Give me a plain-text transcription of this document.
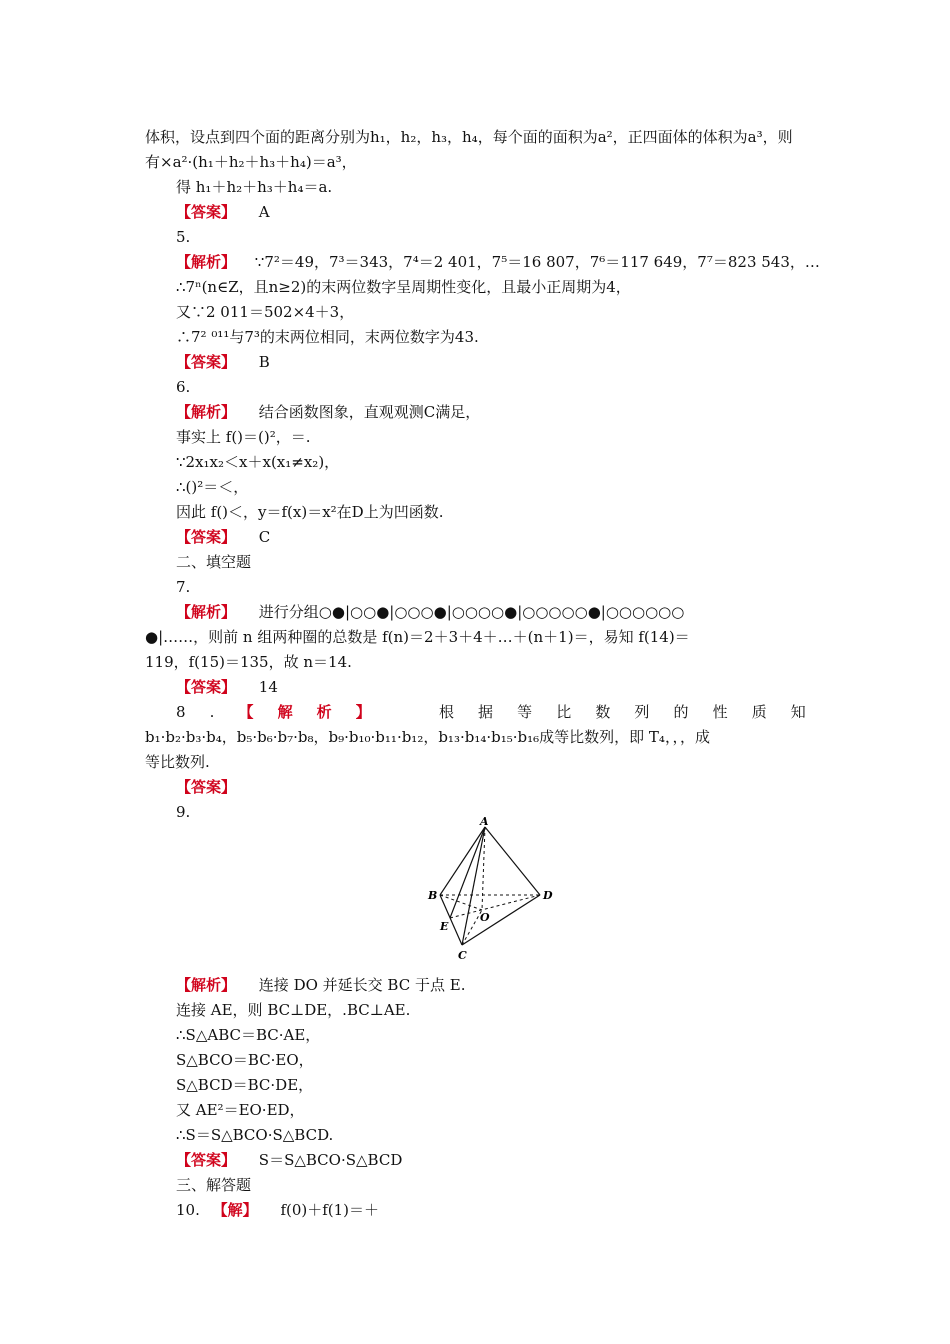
体积，设点到四个面的距离分别为h₁，h₂，h₃，h₄，每个面的面积为a²，正四面体的体积为a³，则
有×a²·(h₁＋h₂＋h₃＋h₄)＝a³，
得 h₁＋h₂＋h₃＋h₄＝a.
【答案】 A
5.
【解析】 ∵7²＝49，7³＝343，7⁴＝2 401，7⁵＝16 807，7⁶＝117 649，7⁷＝823 543，…
∴7ⁿ(n∈Z，且n≥2)的末两位数字呈周期性变化，且最小正周期为4，
又∵2 011＝502×4＋3，
∴7² ⁰¹¹与7³的末两位相同，末两位数字为43.
【答案】 B
6.
【解析】 结合函数图象，直观观测C满足，
事实上 f()＝()²，＝.
∵2x₁x₂＜x＋x(x₁≠x₂)，
∴()²＝＜，
因此 f()＜，y＝f(x)＝x²在D上为凹函数.
【答案】 C
二、填空题
7.
【解析】 进行分组○●|○○●|○○○●|○○○○●|○○○○○●|○○○○○○
●|……，则前 n 组两种圈的总数是 f(n)＝2＋3＋4＋…＋(n＋1)＝，易知 f(14)＝
119，f(15)＝135，故 n＝14.
【答案】 14
8 . 【 解 析 】	根 据 等 比 数 列 的 性 质 知
b₁·b₂·b₃·b₄，b₅·b₆·b₇·b₈，b₉·b₁₀·b₁₁·b₁₂，b₁₃·b₁₄·b₁₅·b₁₆成等比数列，即 T₄，，，成
等比数列.
【答案】
9.
A
B
C
D
E
O
【解析】 连接 DO 并延长交 BC 于点 E.
连接 AE，则 BC⊥DE，.BC⊥AE.
∴S△ABC＝BC·AE，
S△BCO＝BC·EO，
S△BCD＝BC·DE，
又 AE²＝EO·ED，
∴S＝S△BCO·S△BCD.
【答案】 S＝S△BCO·S△BCD
三、解答题
10. 【解】 f(0)＋f(1)＝＋
